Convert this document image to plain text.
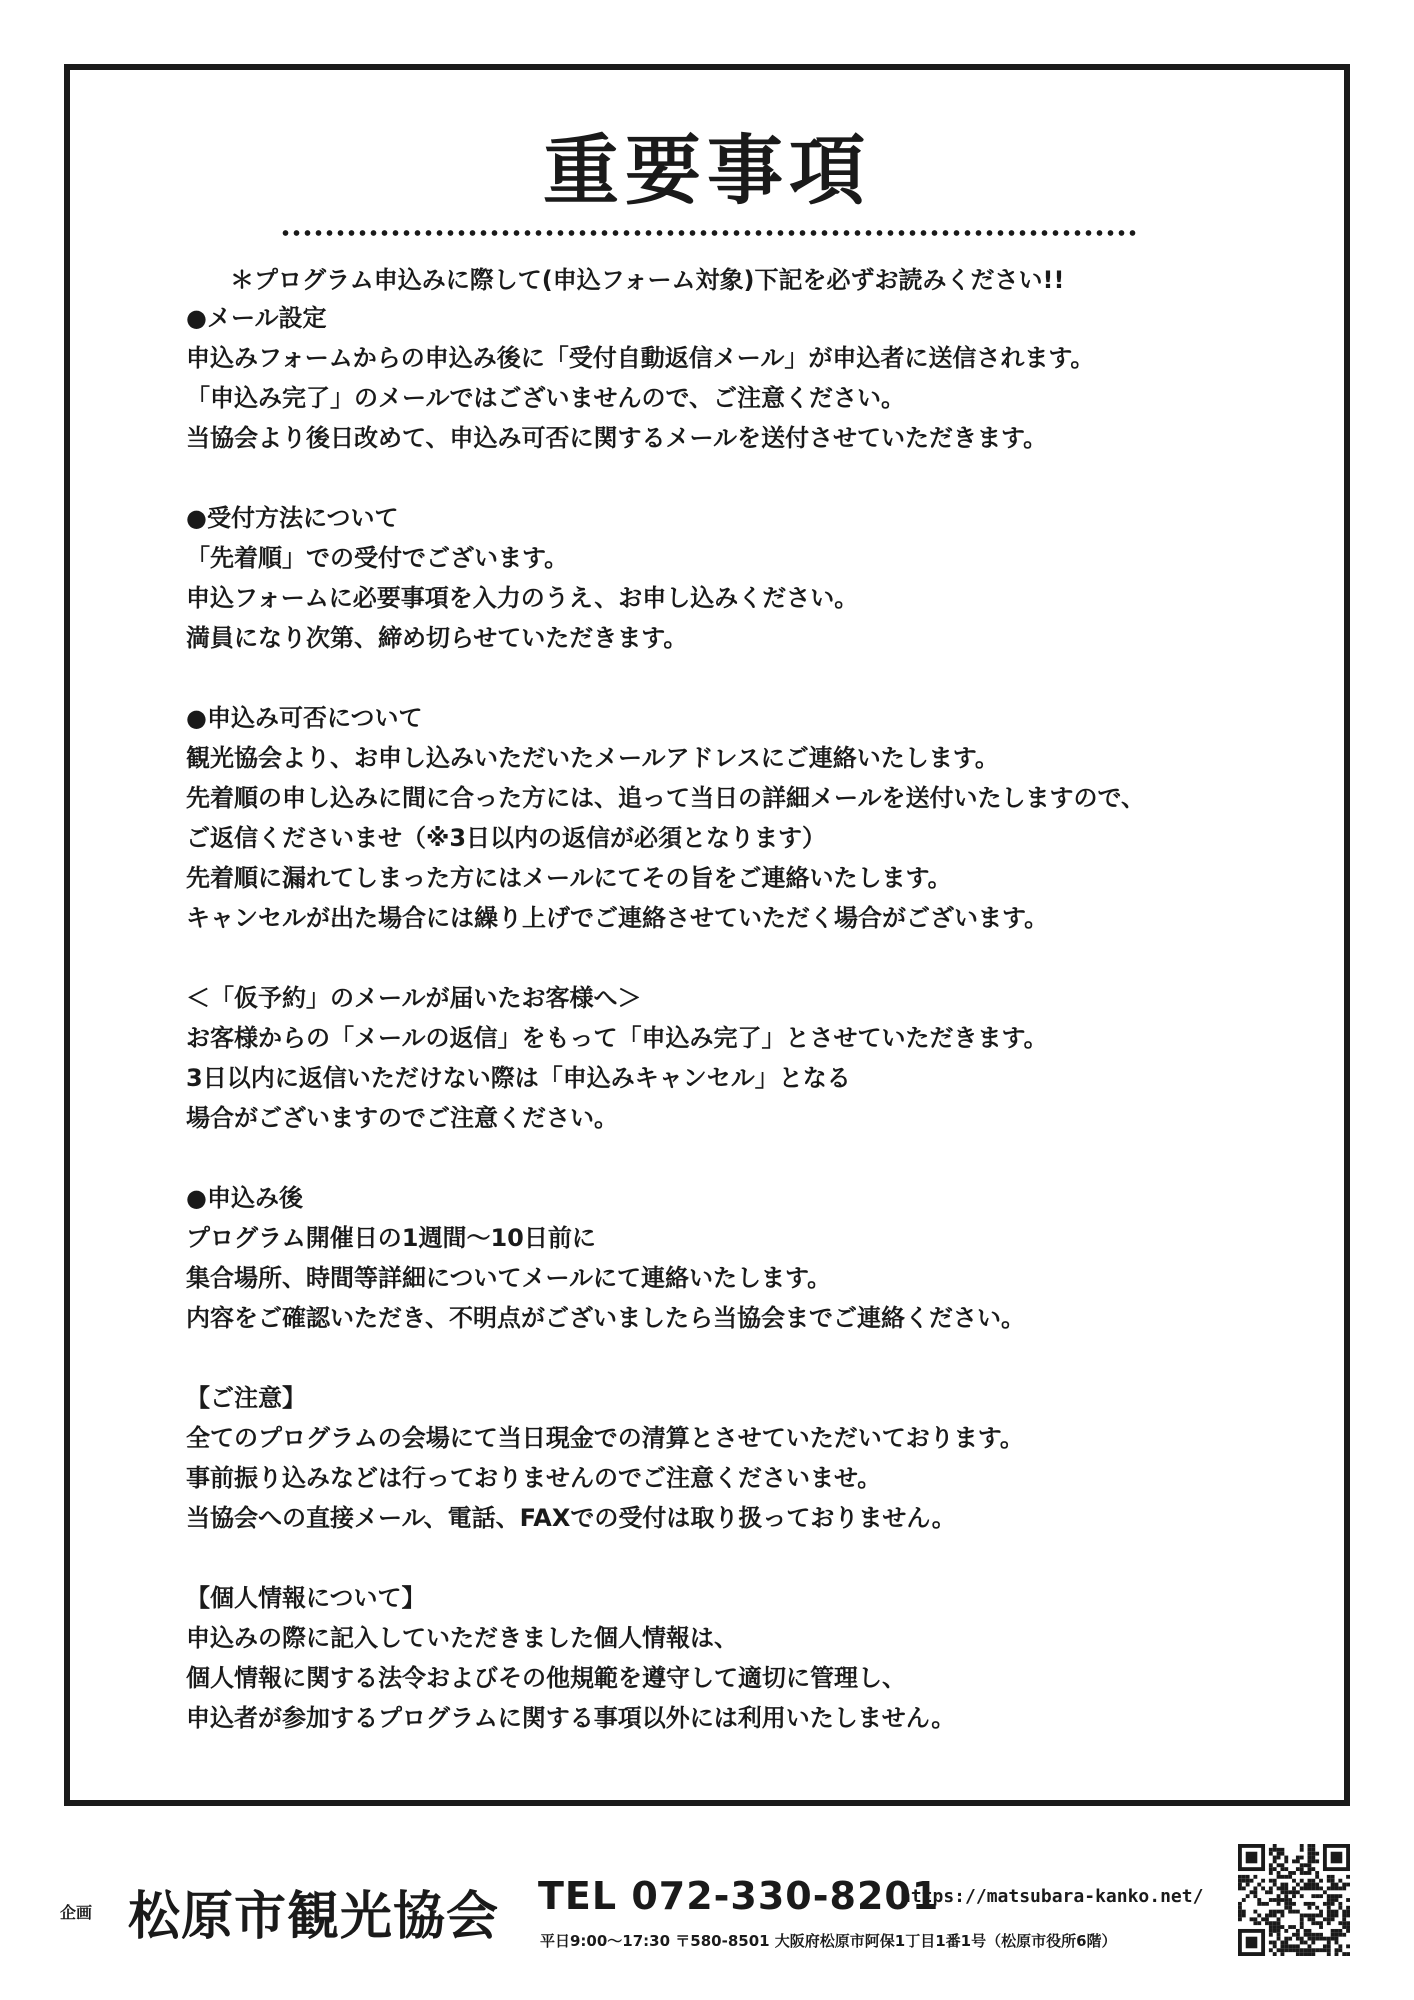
重要事項
＊プログラム申込みに際して(申込フォーム対象)下記を必ずお読みください!!

●メール設定

申込みフォームからの申込み後に「受付自動返信メール」が申込者に送信されます。

「申込み完了」のメールではございませんので、ご注意ください。

当協会より後日改めて、申込み可否に関するメールを送付させていただきます。

●受付方法について

「先着順」での受付でございます。

申込フォームに必要事項を入力のうえ、お申し込みください。

満員になり次第、締め切らせていただきます。

●申込み可否について

観光協会より、お申し込みいただいたメールアドレスにご連絡いたします。

先着順の申し込みに間に合った方には、追って当日の詳細メールを送付いたしますので、

ご返信くださいませ（※3日以内の返信が必須となります）

先着順に漏れてしまった方にはメールにてその旨をご連絡いたします。

キャンセルが出た場合には繰り上げでご連絡させていただく場合がございます。

＜「仮予約」のメールが届いたお客様へ＞

お客様からの「メールの返信」をもって「申込み完了」とさせていただきます。

3日以内に返信いただけない際は「申込みキャンセル」となる

場合がございますのでご注意ください。

●申込み後

プログラム開催日の1週間〜10日前に

集合場所、時間等詳細についてメールにて連絡いたします。

内容をご確認いただき、不明点がございましたら当協会までご連絡ください。

【ご注意】

全てのプログラムの会場にて当日現金での清算とさせていただいております。

事前振り込みなどは行っておりませんのでご注意くださいませ。

当協会への直接メール、電話、FAXでの受付は取り扱っておりません。

【個人情報について】

申込みの際に記入していただきました個人情報は、

個人情報に関する法令およびその他規範を遵守して適切に管理し、

申込者が参加するプログラムに関する事項以外には利用いたしません。

企画 松原市観光協会 TEL 072-330-8201
https://matsubara-kanko.net/
平日9:00〜17:30 〒580-8501 大阪府松原市阿保1丁目1番1号（松原市役所6階）
